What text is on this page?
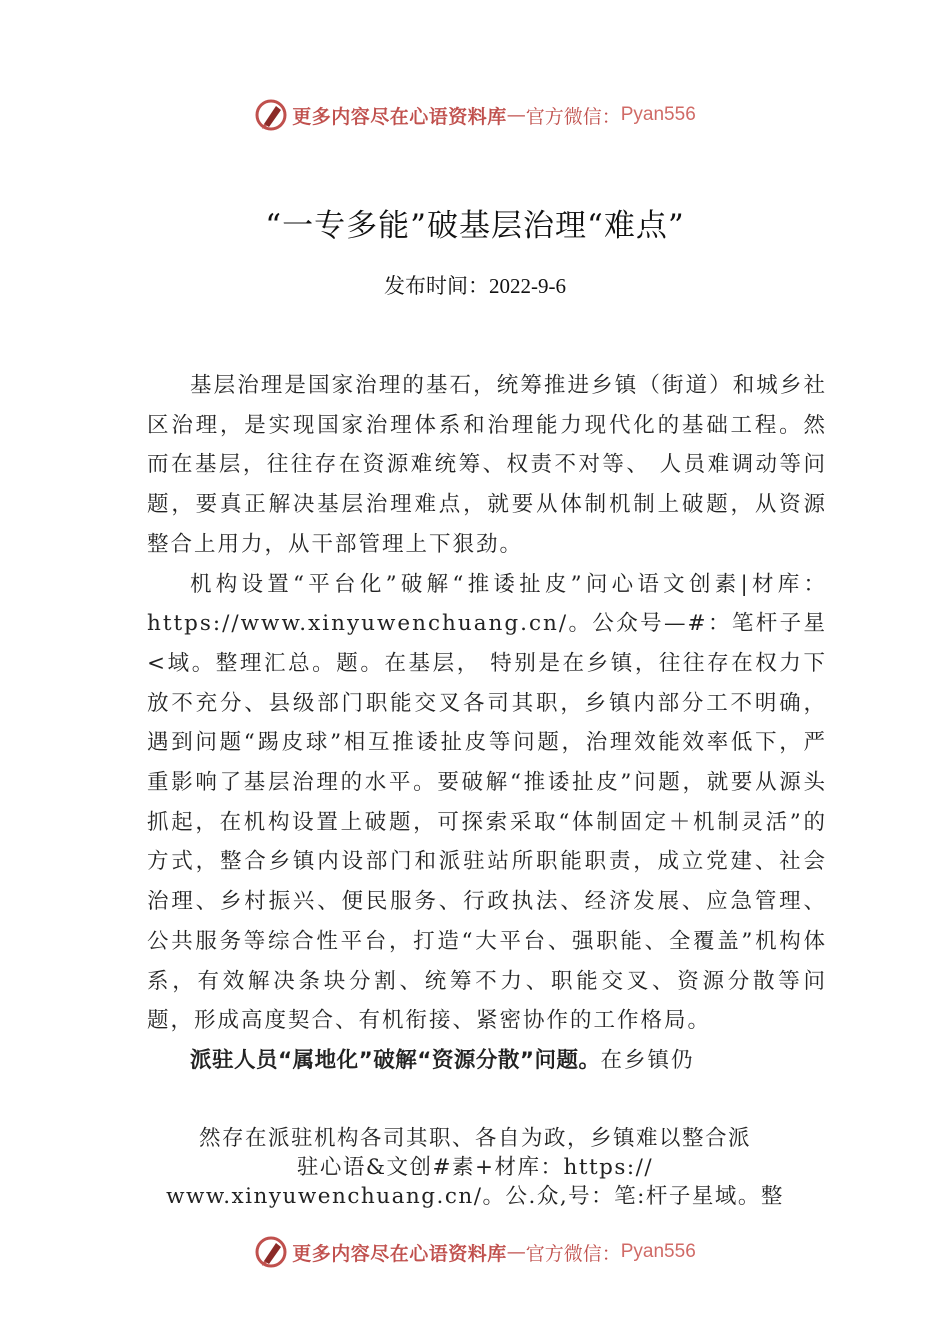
更多内容尽在心语资料库 — 官方微信： Pyan556
“一专多能”破基层治理“难点”
发布时间：2022-9-6

基层治理是国家治理的基石，统筹推进乡镇（街道）和城乡社区治理，是实现国家治理体系和治理能力现代化的基础工程。然而在基层，往往存在资源难统筹、权责不对等、 人员难调动等问题，要真正解决基层治理难点，就要从体制机制上破题，从资源整合上用力，从干部管理上下狠劲。

机构设置“平台化”破解“推诿扯皮”问心语文创素|材库：https://www.xinyuwenchuang.cn/。公众号—#：笔杆子星<域。整理汇总。题。在基层， 特别是在乡镇，往往存在权力下放不充分、县级部门职能交叉各司其职，乡镇内部分工不明确，遇到问题“踢皮球”相互推诿扯皮等问题，治理效能效率低下，严重影响了基层治理的水平。要破解“推诿扯皮”问题，就要从源头抓起，在机构设置上破题，可探索采取“体制固定＋机制灵活”的方式，整合乡镇内设部门和派驻站所职能职责，成立党建、社会治理、乡村振兴、便民服务、行政执法、经济发展、应急管理、公共服务等综合性平台，打造“大平台、强职能、全覆盖”机构体系，有效解决条块分割、统筹不力、职能交叉、资源分散等问题，形成高度契合、有机衔接、紧密协作的工作格局。

派驻人员“属地化”破解“资源分散”问题。在乡镇仍

然存在派驻机构各司其职、各自为政，乡镇难以整合派
驻心语&文创#素+材库：https://
www.xinyuwenchuang.cn/。公.众,号：笔:杆子星域。整
更多内容尽在心语资料库 — 官方微信： Pyan556
